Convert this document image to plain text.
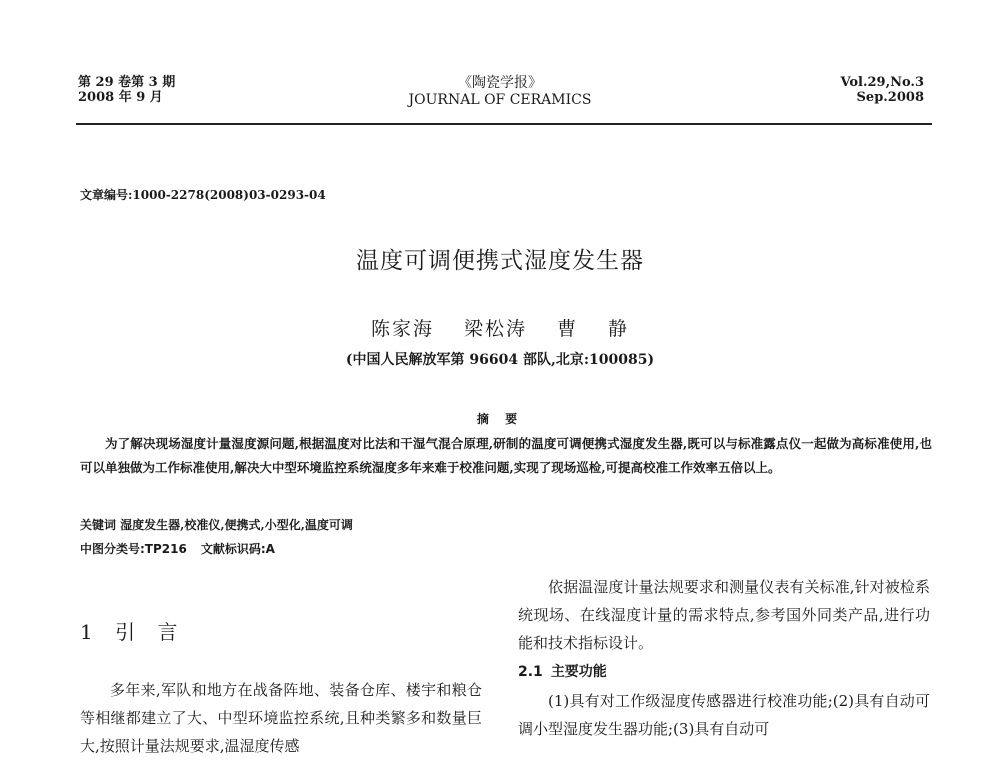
第 29 卷第 3 期
2008 年 9 月
《陶瓷学报》
JOURNAL OF CERAMICS
Vol.29,No.3
Sep.2008
文章编号:1000-2278(2008)03-0293-04
温度可调便携式湿度发生器
陈家海 梁松涛 曹 静
(中国人民解放军第 96604 部队,北京:100085)
摘 要
为了解决现场湿度计量湿度源问题,根据温度对比法和干湿气混合原理,研制的温度可调便携式湿度发生器,既可以与标准露点仪一起做为高标准使用,也可以单独做为工作标准使用,解决大中型环境监控系统湿度多年来难于校准问题,实现了现场巡检,可提高校准工作效率五倍以上。
关键词 湿度发生器,校准仪,便携式,小型化,温度可调
中图分类号:TP216 文献标识码:A
1 引 言
多年来,军队和地方在战备阵地、装备仓库、楼宇和粮仓等相继都建立了大、中型环境监控系统,且种类繁多和数量巨大,按照计量法规要求,温湿度传感

依据温湿度计量法规要求和测量仪表有关标准,针对被检系统现场、在线湿度计量的需求特点,参考国外同类产品,进行功能和技术指标设计。

2.1 主要功能

(1)具有对工作级湿度传感器进行校准功能;(2)具有自动可调小型湿度发生器功能;(3)具有自动可
